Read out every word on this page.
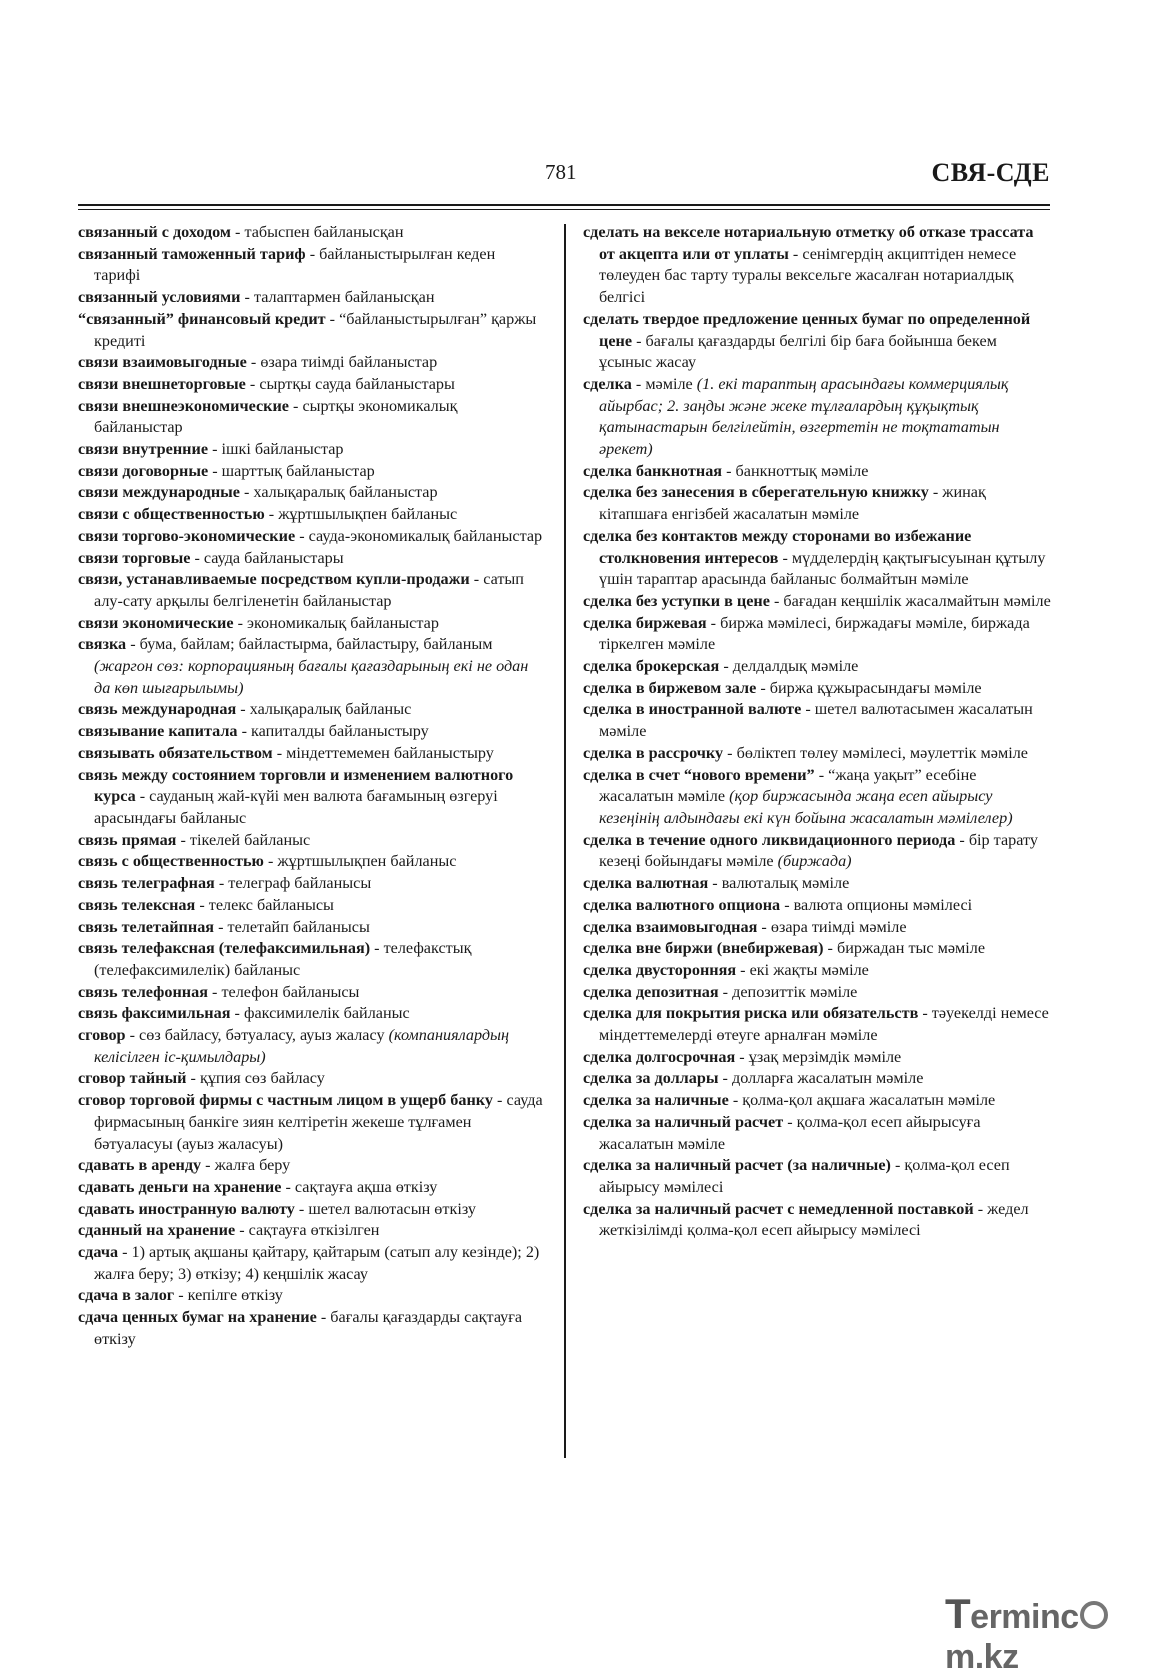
781	СВЯ-СДЕ

связанный с доходом - табыспен байланысқан

связанный таможенный тариф - байланыстырылған кеден тарифі

связанный условиями - талаптармен байланысқан

“связанный” финансовый кредит - “байланыстырылған” қаржы кредиті

связи взаимовыгодные - өзара тиімді байланыстар

связи внешнеторговые - сыртқы сауда байланыстары

связи внешнеэкономические - сыртқы экономикалық байланыстар

связи внутренние - ішкі байланыстар

связи договорные - шарттық байланыстар

связи международные - халықаралық байланыстар

связи с общественностью - жұртшылықпен байланыс

связи торгово-экономические - сауда-экономикалық байланыстар

связи торговые - сауда байланыстары

связи, устанавливаемые посредством купли-продажи - сатып алу-сату арқылы белгіленетін байланыстар

связи экономические - экономикалық байланыстар

связка - бума, байлам; байластырма, байластыру, байланым (жаргон сөз: корпорацияның бағалы қағаздарының екі не одан да көп шығарылымы)

связь международная - халықаралық байланыс

связывание капитала - капиталды байланыстыру

связывать обязательством - міндеттемемен байланыстыру

связь между состоянием торговли и изменением валютного курса - сауданың жай-күйі мен валюта бағамының өзгеруі арасындағы байланыс

связь прямая - тікелей байланыс

связь с общественностью - жұртшылықпен байланыс

связь телеграфная - телеграф байланысы

связь телексная - телекс байланысы

связь телетайпная - телетайп байланысы

связь телефаксная (телефаксимильная) - телефакстық (телефаксимилелік) байланыс

связь телефонная - телефон байланысы

связь факсимильная - факсимилелік байланыс

сговор - сөз байласу, бәтуаласу, ауыз жаласу (компаниялардың келісілген іс-қимылдары)

сговор тайный - құпия сөз байласу

сговор торговой фирмы с частным лицом в ущерб банку - сауда фирмасының банкіге зиян келтіретін жекеше тұлғамен бәтуаласуы (ауыз жаласуы)

сдавать в аренду - жалға беру

сдавать деньги на хранение - сақтауға ақша өткізу

сдавать иностранную валюту - шетел валютасын өткізу

сданный на хранение - сақтауға өткізілген

сдача - 1) артық ақшаны қайтару, қайтарым (сатып алу кезінде); 2) жалға беру; 3) өткізу; 4) кеңшілік жасау

сдача в залог - кепілге өткізу

сдача ценных бумаг на хранение - бағалы қағаздарды сақтауға өткізу

сделать на векселе нотариальную отметку об отказе трассата от акцепта или от уплаты - сенімгердің акциптіден немесе төлеуден бас тарту туралы вексельге жасалған нотариалдық белгісі

сделать твердое предложение ценных бумаг по определенной цене - бағалы қағаздарды белгілі бір баға бойынша бекем ұсыныс жасау

сделка - мәміле (1. екі тараптың арасындағы коммерциялық айырбас; 2. заңды және жеке тұлғалардың құқықтық қатынастарын белгілейтін, өзгертетін не тоқтататын әрекет)

сделка банкнотная - банкноттық мәміле

сделка без занесения в сберегательную книжку - жинақ кітапшаға енгізбей жасалатын мәміле

сделка без контактов между сторонами во избежание столкновения интересов - мүдделердің қақтығысуынан құтылу үшін тараптар арасында байланыс болмайтын мәміле

сделка без уступки в цене - бағадан кеңшілік жасалмайтын мәміле

сделка биржевая - биржа мәмілесі, биржадағы мәміле, биржада тіркелген мәміле

сделка брокерская - делдалдық мәміле

сделка в биржевом зале - биржа құжырасындағы мәміле

сделка в иностранной валюте - шетел валютасымен жасалатын мәміле

сделка в рассрочку - бөліктеп төлеу мәмілесі, мәулеттік мәміле

сделка в счет “нового времени” - “жаңа уақыт” есебіне жасалатын мәміле (қор биржасында жаңа есеп айырысу кезеңінің алдындағы екі күн бойына жасалатын мәмілелер)

сделка в течение одного ликвидационного периода - бір тарату кезеңі бойындағы мәміле (биржада)

сделка валютная - валюталық мәміле

сделка валютного опциона - валюта опционы мәмілесі

сделка взаимовыгодная - өзара тиімді мәміле

сделка вне биржи (внебиржевая) - биржадан тыс мәміле

сделка двусторонняя - екі жақты мәміле

сделка депозитная - депозиттік мәміле

сделка для покрытия риска или обязательств - тәуекелді немесе міндеттемелерді өтеуге арналған мәміле

сделка долгосрочная - ұзақ мерзімдік мәміле

сделка за доллары - долларға жасалатын мәміле

сделка за наличные - қолма-қол ақшаға жасалатын мәміле

сделка за наличный расчет - қолма-қол есеп айырысуға жасалатын мәміле

сделка за наличный расчет (за наличные) - қолма-қол есеп айырысу мәмілесі

сделка за наличный расчет с немедленной поставкой - жедел жеткізілімді қолма-қол есеп айырысу мәмілесі

Termincm.kz
